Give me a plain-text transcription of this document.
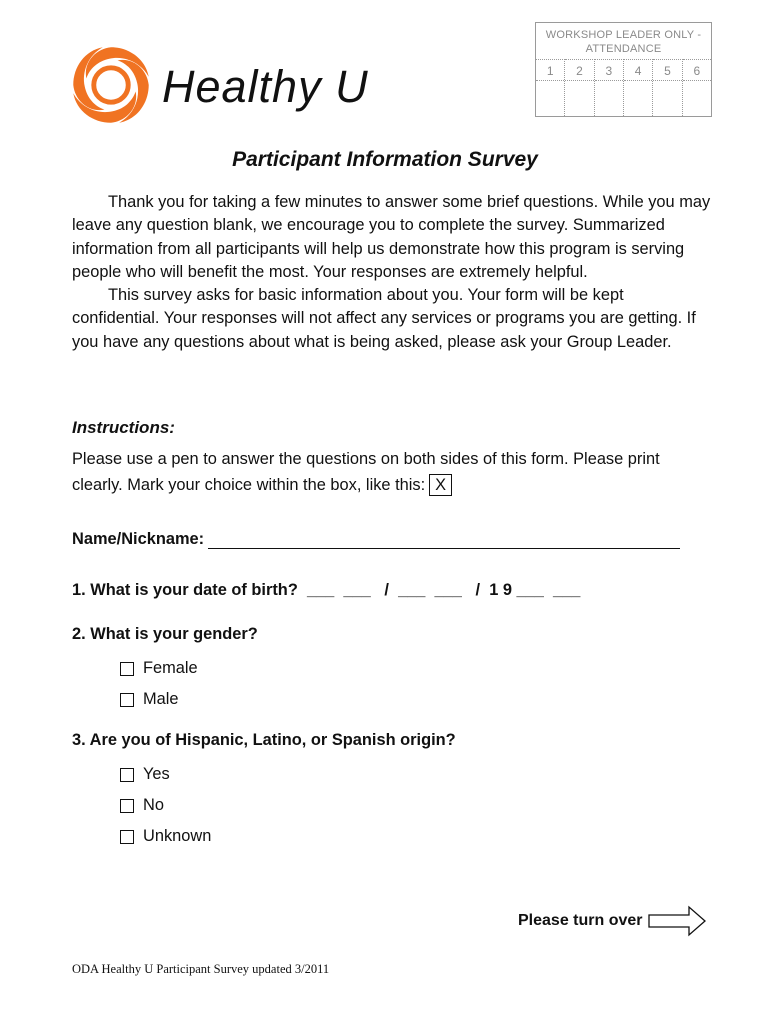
Healthy U
WORKSHOP LEADER ONLY -
ATTENDANCE
1	2	3	4	5	6
Participant Information Survey

Thank you for taking a few minutes to answer some brief questions. While you may leave any question blank, we encourage you to complete the survey. Summarized information from all participants will help us demonstrate how this program is serving people who will benefit the most. Your responses are extremely helpful.

This survey asks for basic information about you. Your form will be kept confidential. Your responses will not affect any services or programs you are getting. If you have any questions about what is being asked, please ask your Group Leader.

Instructions:

Please use a pen to answer the questions on both sides of this form. Please print clearly. Mark your choice within the box, like this: X

Name/Nickname:
1. What is your date of birth?  ___  ___   /  ___  ___   /  1 9 ___  ___
2. What is your gender?
Female
Male
3. Are you of Hispanic, Latino, or Spanish origin?
Yes
No
Unknown
Please turn over

ODA Healthy U Participant Survey updated 3/2011
